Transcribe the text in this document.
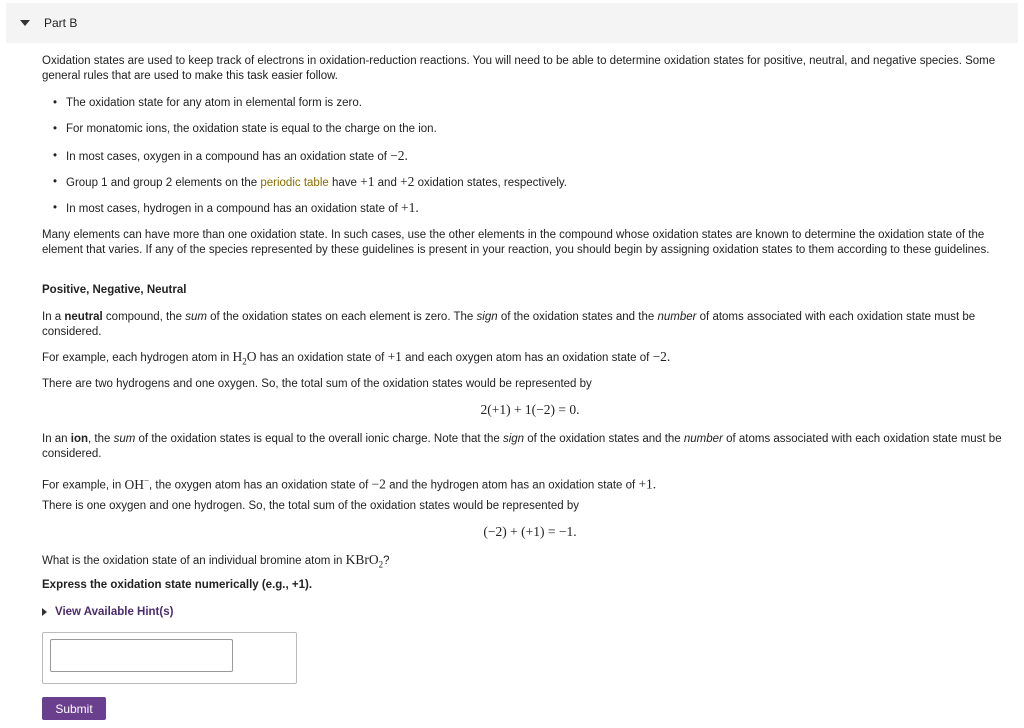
Part B

Oxidation states are used to keep track of electrons in oxidation-reduction reactions. You will need to be able to determine oxidation states for positive, neutral, and negative species. Some general rules that are used to make this task easier follow.

• The oxidation state for any atom in elemental form is zero.
• For monatomic ions, the oxidation state is equal to the charge on the ion.
• In most cases, oxygen in a compound has an oxidation state of −2.
• Group 1 and group 2 elements on the periodic table have +1 and +2 oxidation states, respectively.
• In most cases, hydrogen in a compound has an oxidation state of +1.

Many elements can have more than one oxidation state. In such cases, use the other elements in the compound whose oxidation states are known to determine the oxidation state of the element that varies. If any of the species represented by these guidelines is present in your reaction, you should begin by assigning oxidation states to them according to these guidelines.

Positive, Negative, Neutral

In a neutral compound, the sum of the oxidation states on each element is zero. The sign of the oxidation states and the number of atoms associated with each oxidation state must be considered.

For example, each hydrogen atom in $H_2O$ has an oxidation state of +1 and each oxygen atom has an oxidation state of −2.

There are two hydrogens and one oxygen. So, the total sum of the oxidation states would be represented by

2(+1) + 1(−2) = 0.

In an ion, the sum of the oxidation states is equal to the overall ionic charge. Note that the sign of the oxidation states and the number of atoms associated with each oxidation state must be considered.

For example, in OH−, the oxygen atom has an oxidation state of −2 and the hydrogen atom has an oxidation state of +1.

There is one oxygen and one hydrogen. So, the total sum of the oxidation states would be represented by

(−2) + (+1) = −1.

What is the oxidation state of an individual bromine atom in KBrO$_2$?

Express the oxidation state numerically (e.g., +1).

View Available Hint(s)
Submit
